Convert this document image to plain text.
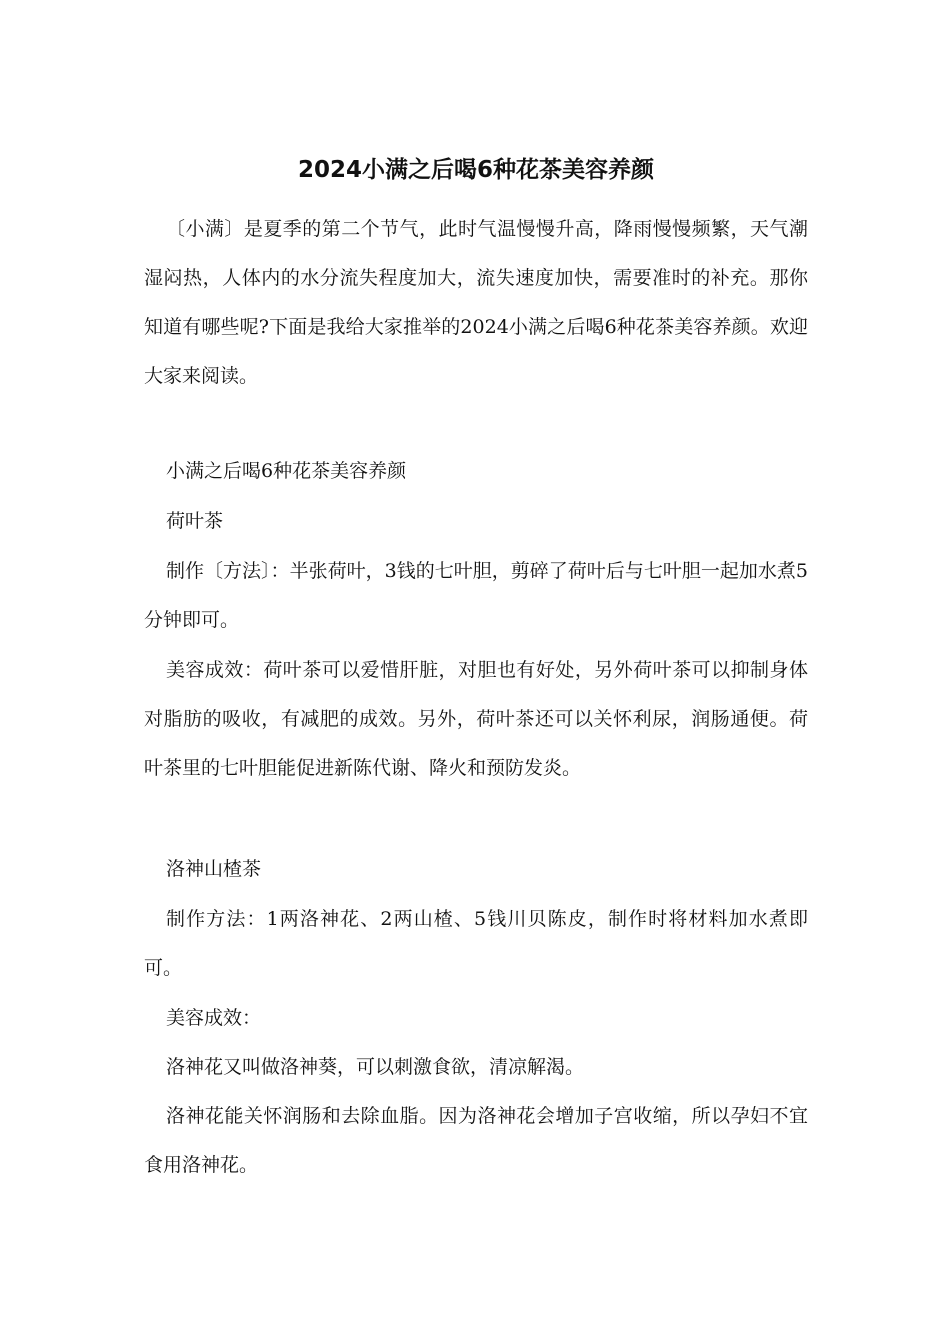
2024小满之后喝6种花茶美容养颜

〔小满〕是夏季的第二个节气，此时气温慢慢升高，降雨慢慢频繁，天气潮湿闷热，人体内的水分流失程度加大，流失速度加快，需要准时的补充。那你知道有哪些呢?下面是我给大家推举的2024小满之后喝6种花茶美容养颜。欢迎大家来阅读。

小满之后喝6种花茶美容养颜

荷叶茶

制作〔方法〕：半张荷叶，3钱的七叶胆，剪碎了荷叶后与七叶胆一起加水煮5分钟即可。

美容成效：荷叶茶可以爱惜肝脏，对胆也有好处，另外荷叶茶可以抑制身体对脂肪的吸收，有减肥的成效。另外，荷叶茶还可以关怀利尿，润肠通便。荷叶茶里的七叶胆能促进新陈代谢、降火和预防发炎。

洛神山楂茶

制作方法：1两洛神花、2两山楂、5钱川贝陈皮，制作时将材料加水煮即可。

美容成效：

洛神花又叫做洛神葵，可以刺激食欲，清凉解渴。

洛神花能关怀润肠和去除血脂。因为洛神花会增加子宫收缩，所以孕妇不宜食用洛神花。
